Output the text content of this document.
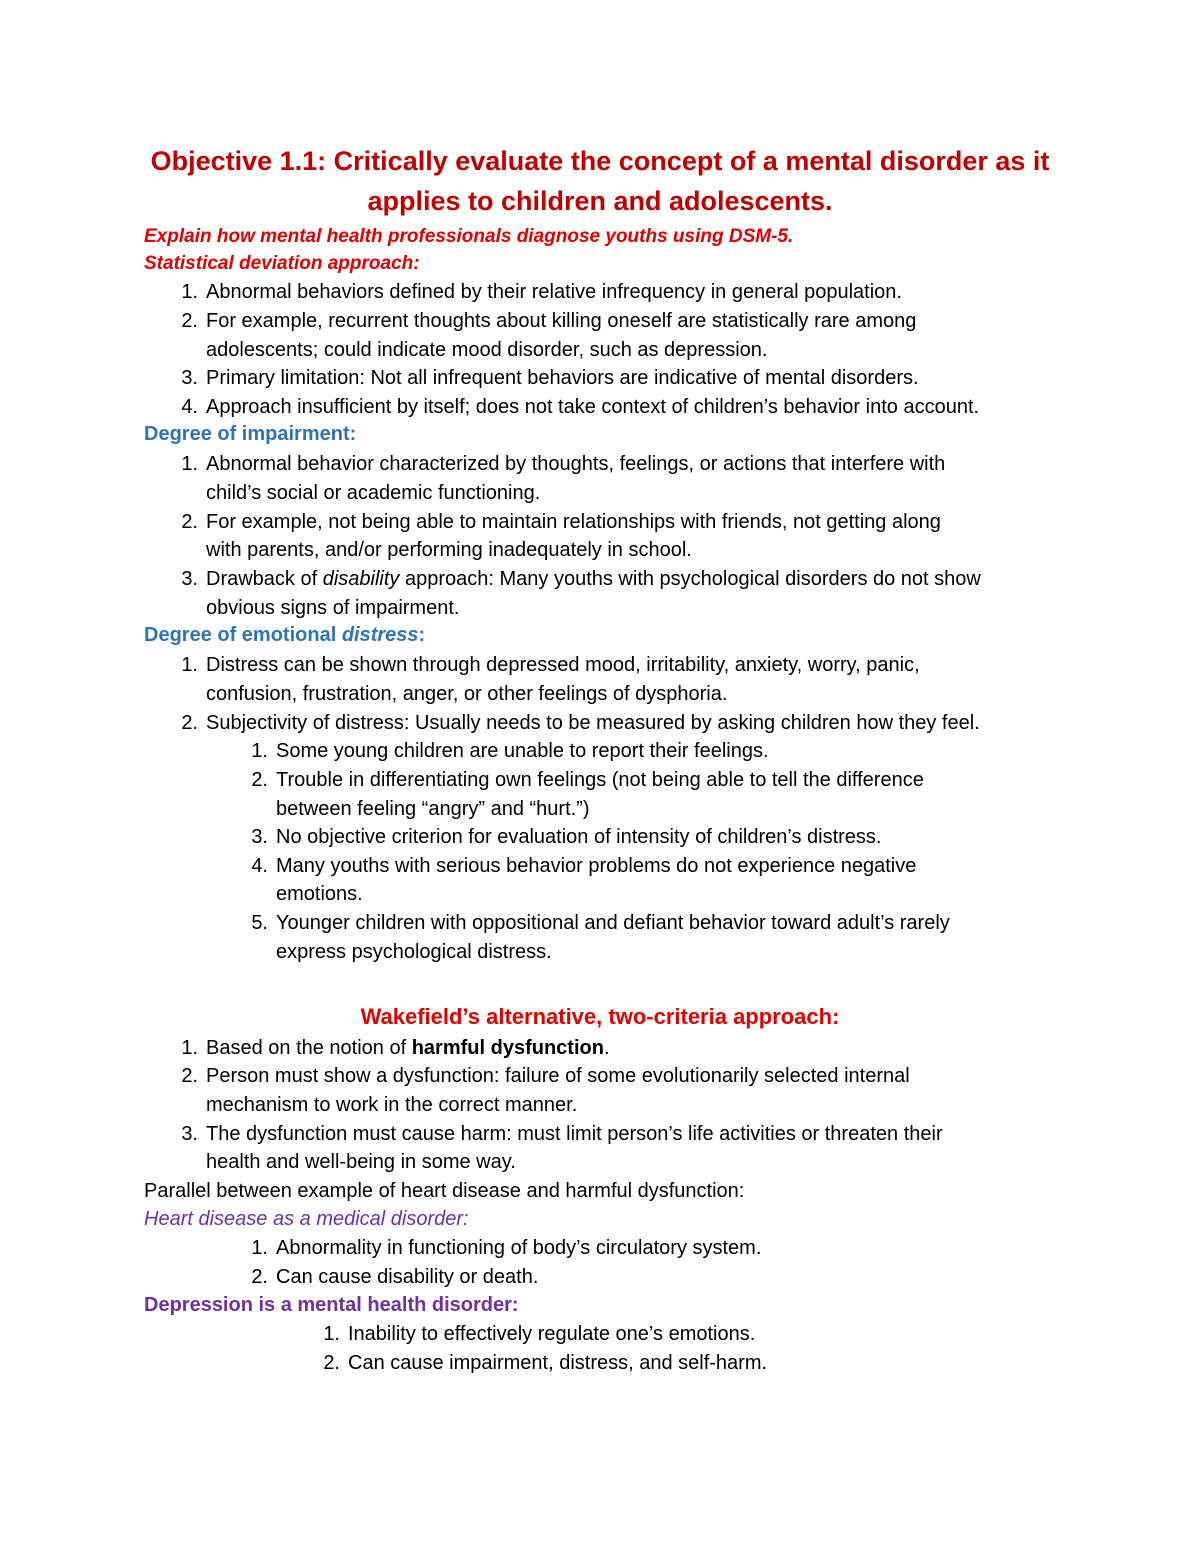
Objective 1.1: Critically evaluate the concept of a mental disorder as it
applies to children and adolescents.
Explain how mental health professionals diagnose youths using DSM-5.
Statistical deviation approach:
1. Abnormal behaviors defined by their relative infrequency in general population.
2. For example, recurrent thoughts about killing oneself are statistically rare among
adolescents; could indicate mood disorder, such as depression.
3. Primary limitation: Not all infrequent behaviors are indicative of mental disorders.
4. Approach insufficient by itself; does not take context of children’s behavior into account.
Degree of impairment:
1. Abnormal behavior characterized by thoughts, feelings, or actions that interfere with
child’s social or academic functioning.
2. For example, not being able to maintain relationships with friends, not getting along
with parents, and/or performing inadequately in school.
3. Drawback of disability approach: Many youths with psychological disorders do not show
obvious signs of impairment.
Degree of emotional distress:
1. Distress can be shown through depressed mood, irritability, anxiety, worry, panic,
confusion, frustration, anger, or other feelings of dysphoria.
2. Subjectivity of distress: Usually needs to be measured by asking children how they feel.
1. Some young children are unable to report their feelings.
2. Trouble in differentiating own feelings (not being able to tell the difference
between feeling “angry” and “hurt.”)
3. No objective criterion for evaluation of intensity of children’s distress.
4. Many youths with serious behavior problems do not experience negative
emotions.
5. Younger children with oppositional and defiant behavior toward adult’s rarely
express psychological distress.
Wakefield’s alternative, two-criteria approach:
1. Based on the notion of harmful dysfunction.
2. Person must show a dysfunction: failure of some evolutionarily selected internal
mechanism to work in the correct manner.
3. The dysfunction must cause harm: must limit person’s life activities or threaten their
health and well-being in some way.
Parallel between example of heart disease and harmful dysfunction:
Heart disease as a medical disorder:
1. Abnormality in functioning of body’s circulatory system.
2. Can cause disability or death.
Depression is a mental health disorder:
1. Inability to effectively regulate one’s emotions.
2. Can cause impairment, distress, and self-harm.
